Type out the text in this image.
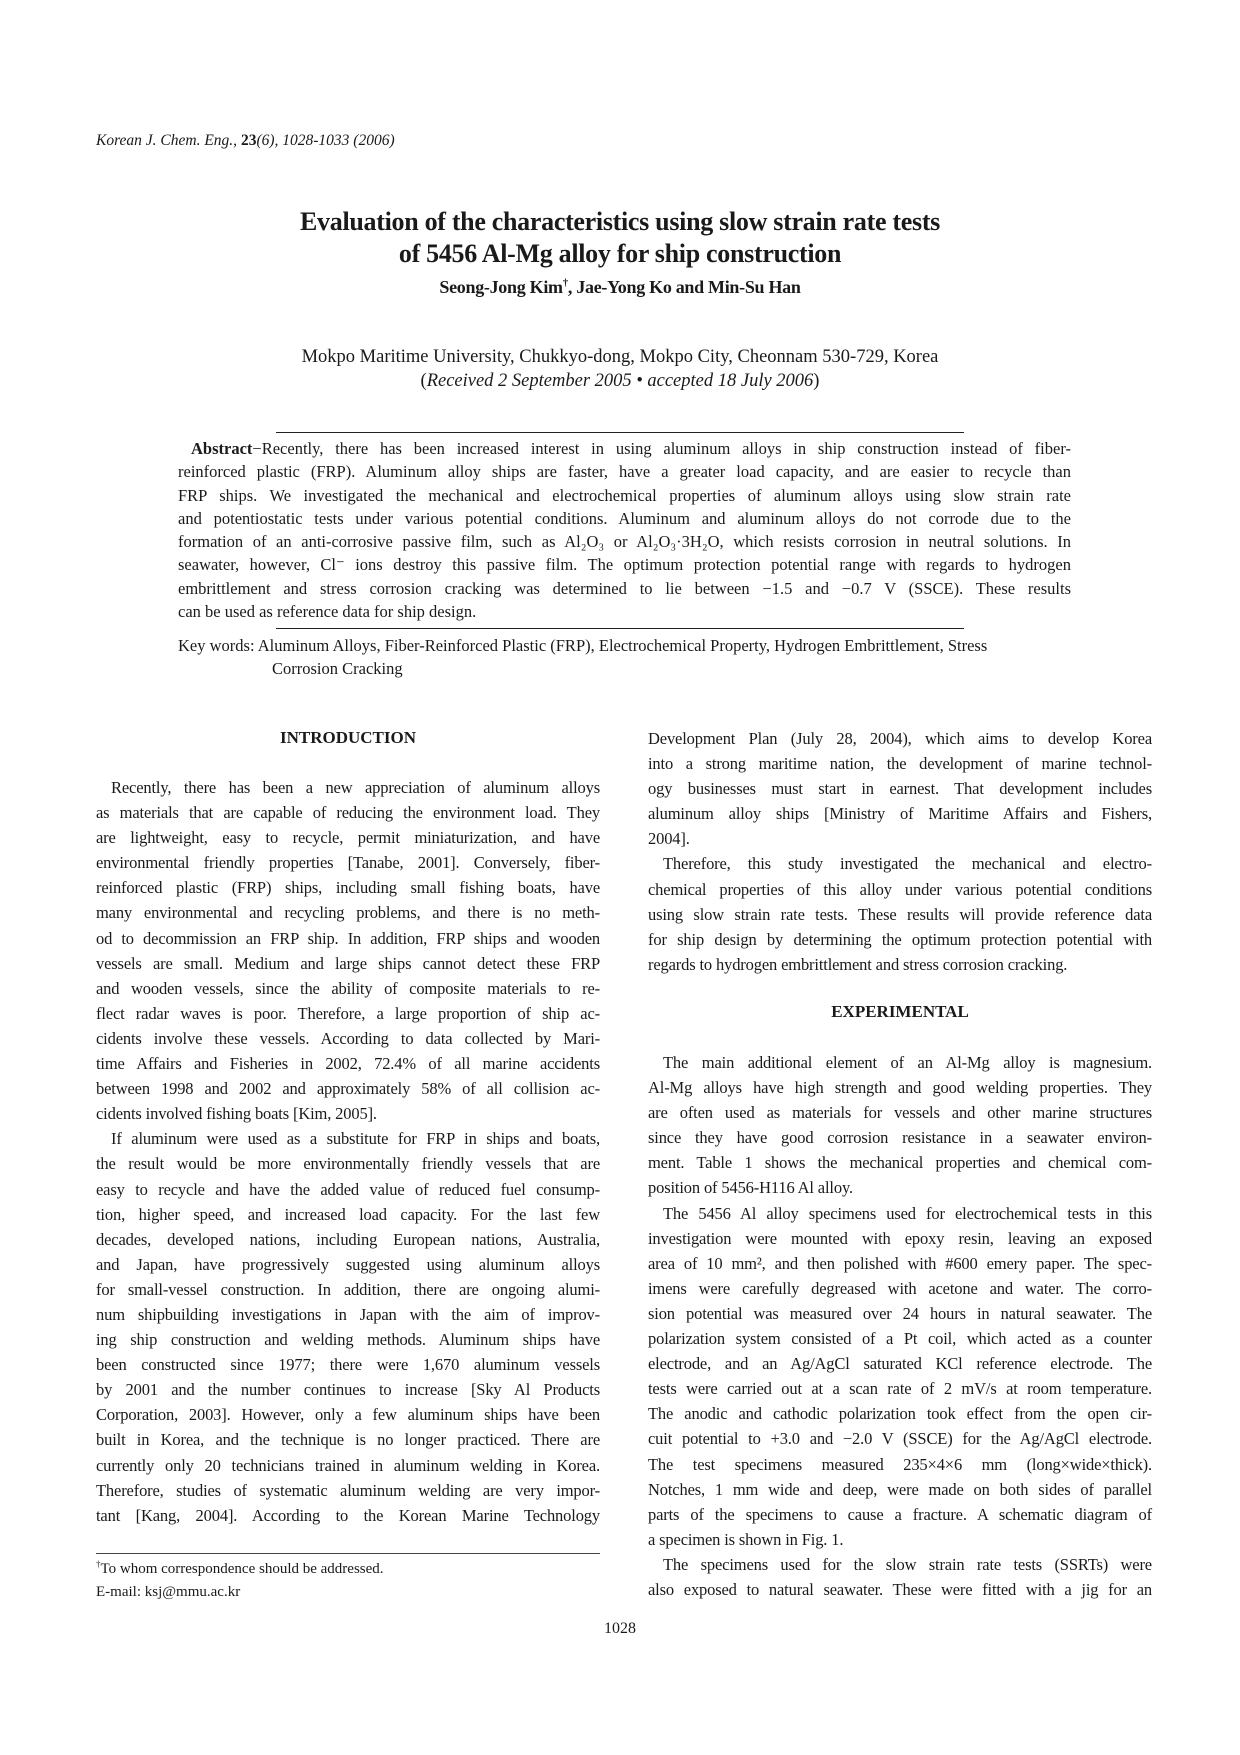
Korean J. Chem. Eng., 23(6), 1028-1033 (2006)
Evaluation of the characteristics using slow strain rate tests
of 5456 Al-Mg alloy for ship construction
Seong-Jong Kim†, Jae-Yong Ko and Min-Su Han
Mokpo Maritime University, Chukkyo-dong, Mokpo City, Cheonnam 530-729, Korea
(Received 2 September 2005 • accepted 18 July 2006)
Abstract−Recently, there has been increased interest in using aluminum alloys in ship construction instead of fiber-
reinforced plastic (FRP). Aluminum alloy ships are faster, have a greater load capacity, and are easier to recycle than
FRP ships. We investigated the mechanical and electrochemical properties of aluminum alloys using slow strain rate
and potentiostatic tests under various potential conditions. Aluminum and aluminum alloys do not corrode due to the
formation of an anti-corrosive passive film, such as Al₂O₃ or Al₂O₃·3H₂O, which resists corrosion in neutral solutions. In
seawater, however, Cl⁻ ions destroy this passive film. The optimum protection potential range with regards to hydrogen
embrittlement and stress corrosion cracking was determined to lie between −1.5 and −0.7 V (SSCE). These results
can be used as reference data for ship design.
Key words: Aluminum Alloys, Fiber-Reinforced Plastic (FRP), Electrochemical Property, Hydrogen Embrittlement, Stress
Corrosion Cracking
INTRODUCTION
Recently, there has been a new appreciation of aluminum alloys
as materials that are capable of reducing the environment load. They
are lightweight, easy to recycle, permit miniaturization, and have
environmental friendly properties [Tanabe, 2001]. Conversely, fiber-
reinforced plastic (FRP) ships, including small fishing boats, have
many environmental and recycling problems, and there is no meth-
od to decommission an FRP ship. In addition, FRP ships and wooden
vessels are small. Medium and large ships cannot detect these FRP
and wooden vessels, since the ability of composite materials to re-
flect radar waves is poor. Therefore, a large proportion of ship ac-
cidents involve these vessels. According to data collected by Mari-
time Affairs and Fisheries in 2002, 72.4% of all marine accidents
between 1998 and 2002 and approximately 58% of all collision ac-
cidents involved fishing boats [Kim, 2005].
If aluminum were used as a substitute for FRP in ships and boats,
the result would be more environmentally friendly vessels that are
easy to recycle and have the added value of reduced fuel consump-
tion, higher speed, and increased load capacity. For the last few
decades, developed nations, including European nations, Australia,
and Japan, have progressively suggested using aluminum alloys
for small-vessel construction. In addition, there are ongoing alumi-
num shipbuilding investigations in Japan with the aim of improv-
ing ship construction and welding methods. Aluminum ships have
been constructed since 1977; there were 1,670 aluminum vessels
by 2001 and the number continues to increase [Sky Al Products
Corporation, 2003]. However, only a few aluminum ships have been
built in Korea, and the technique is no longer practiced. There are
currently only 20 technicians trained in aluminum welding in Korea.
Therefore, studies of systematic aluminum welding are very impor-
tant [Kang, 2004]. According to the Korean Marine Technology
Development Plan (July 28, 2004), which aims to develop Korea
into a strong maritime nation, the development of marine technol-
ogy businesses must start in earnest. That development includes
aluminum alloy ships [Ministry of Maritime Affairs and Fishers,
2004].
Therefore, this study investigated the mechanical and electro-
chemical properties of this alloy under various potential conditions
using slow strain rate tests. These results will provide reference data
for ship design by determining the optimum protection potential with
regards to hydrogen embrittlement and stress corrosion cracking.
EXPERIMENTAL
The main additional element of an Al-Mg alloy is magnesium.
Al-Mg alloys have high strength and good welding properties. They
are often used as materials for vessels and other marine structures
since they have good corrosion resistance in a seawater environ-
ment. Table 1 shows the mechanical properties and chemical com-
position of 5456-H116 Al alloy.
The 5456 Al alloy specimens used for electrochemical tests in this
investigation were mounted with epoxy resin, leaving an exposed
area of 10 mm², and then polished with #600 emery paper. The spec-
imens were carefully degreased with acetone and water. The corro-
sion potential was measured over 24 hours in natural seawater. The
polarization system consisted of a Pt coil, which acted as a counter
electrode, and an Ag/AgCl saturated KCl reference electrode. The
tests were carried out at a scan rate of 2 mV/s at room temperature.
The anodic and cathodic polarization took effect from the open cir-
cuit potential to +3.0 and −2.0 V (SSCE) for the Ag/AgCl electrode.
The test specimens measured 235×4×6 mm (long×wide×thick).
Notches, 1 mm wide and deep, were made on both sides of parallel
parts of the specimens to cause a fracture. A schematic diagram of
a specimen is shown in Fig. 1.
The specimens used for the slow strain rate tests (SSRTs) were
also exposed to natural seawater. These were fitted with a jig for an
†To whom correspondence should be addressed.
E-mail: ksj@mmu.ac.kr
1028
